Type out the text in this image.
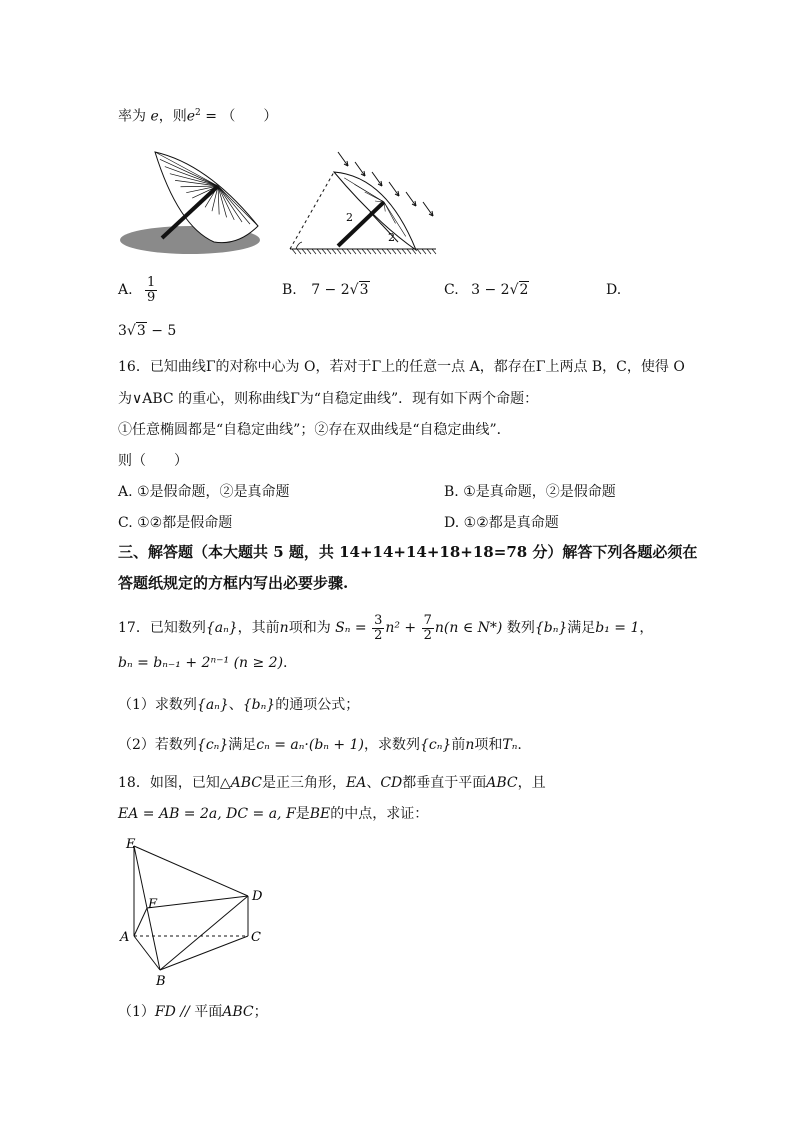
率为 e，则$e^2$ = （　　）
2
2
A. $\frac{1}{9}$	B. 7 − 2√3	C. 3 − 2√2	D.
3√3 − 5
16．已知曲线Γ的对称中心为 O，若对于Γ上的任意一点 A，都存在Γ上两点 B，C，使得 O
为∨ABC 的重心，则称曲线Γ为“自稳定曲线”．现有如下两个命题：
①任意椭圆都是“自稳定曲线”；②存在双曲线是“自稳定曲线”．
则（　　）
A. ①是假命题，②是真命题	B. ①是真命题，②是假命题
C. ①②都是假命题	D. ①②都是真命题
三、解答题（本大题共 5 题，共 14+14+14+18+18=78 分）解答下列各题必须在
答题纸规定的方框内写出必要步骤.
17．已知数列{aₙ}，其前n项和为 $S_n = \frac{3}{2} n^2 + \frac{7}{2} n(n$ ∈ N*) 数列{bₙ}满足b₁ = 1，
bₙ = bₙ₋₁ + 2ⁿ⁻¹ (n ≥ 2).
（1）求数列{aₙ}、{bₙ}的通项公式；
（2）若数列{cₙ}满足cₙ = aₙ·(bₙ + 1)，求数列{cₙ}前n项和Tₙ.
18．如图，已知△ABC是正三角形，EA、CD都垂直于平面ABC，且
EA = AB = 2a, DC = a, F是BE的中点，求证：
E
F
D
A	C
B
（1）FD // 平面ABC；
